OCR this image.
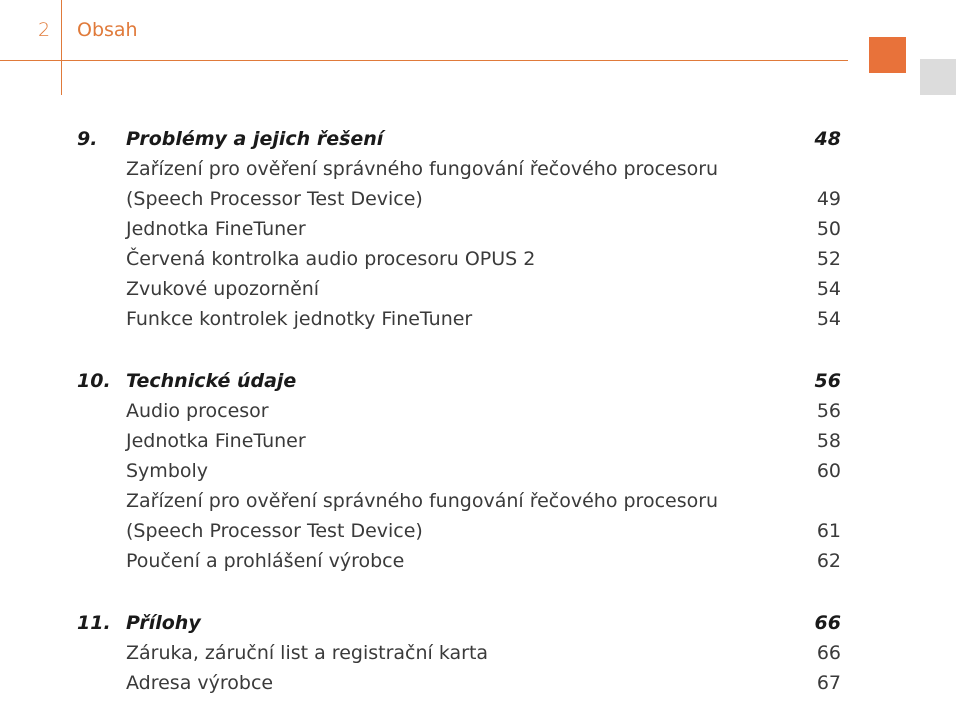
2 Obsah
9. Problémy a jejich řešení	48
Zařízení pro ověření správného fungování řečového procesoru
(Speech Processor Test Device)	49
Jednotka FineTuner	50
Červená kontrolka audio procesoru OPUS 2	52
Zvukové upozornění	54
Funkce kontrolek jednotky FineTuner	54
10. Technické údaje	56
Audio procesor	56
Jednotka FineTuner	58
Symboly	60
Zařízení pro ověření správného fungování řečového procesoru
(Speech Processor Test Device)	61
Poučení a prohlášení výrobce	62
11. Přílohy	66
Záruka, záruční list a registrační karta	66
Adresa výrobce	67
